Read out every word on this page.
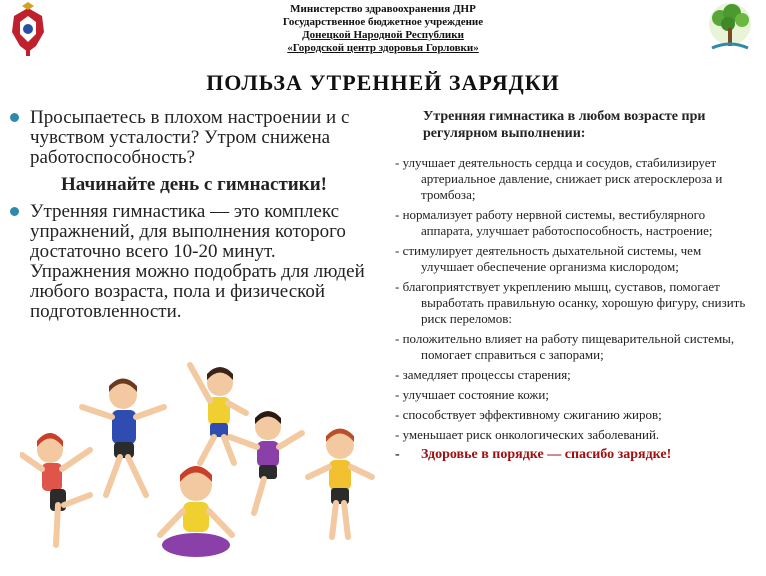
Министерство здравоохранения ДНР
Государственное бюджетное учреждение
Донецкой Народной Республики
«Городской центр здоровья Горловки»
ПОЛЬЗА УТРЕННЕЙ ЗАРЯДКИ
Просыпаетесь в плохом настроении и с чувством усталости? Утром снижена работоспособность?
Начинайте день с гимнастики!
Утренняя гимнастика — это комплекс упражнений, для выполнения которого достаточно всего 10-20 минут. Упражнения можно подобрать для людей любого возраста, пола и физической подготовленности.
Утренняя гимнастика в любом возрасте при регулярном выполнении:
- улучшает деятельность сердца и сосудов, стабилизирует артериальное давление, снижает риск атеросклероза и тромбоза;
- нормализует работу нервной системы, вестибулярного аппарата, улучшает работоспособность, настроение;
- стимулирует деятельность дыхательной системы, чем улучшает обеспечение организма кислородом;
- благоприятствует укреплению мышц, суставов, помогает выработать правильную осанку, хорошую фигуру, снизить риск переломов:
- положительно влияет на работу пищеварительной системы, помогает справиться с запорами;
- замедляет процессы старения;
- улучшает состояние кожи;
- способствует эффективному сжиганию жиров;
- уменьшает риск онкологических заболеваний.
- Здоровье в порядке — спасибо зарядке!
